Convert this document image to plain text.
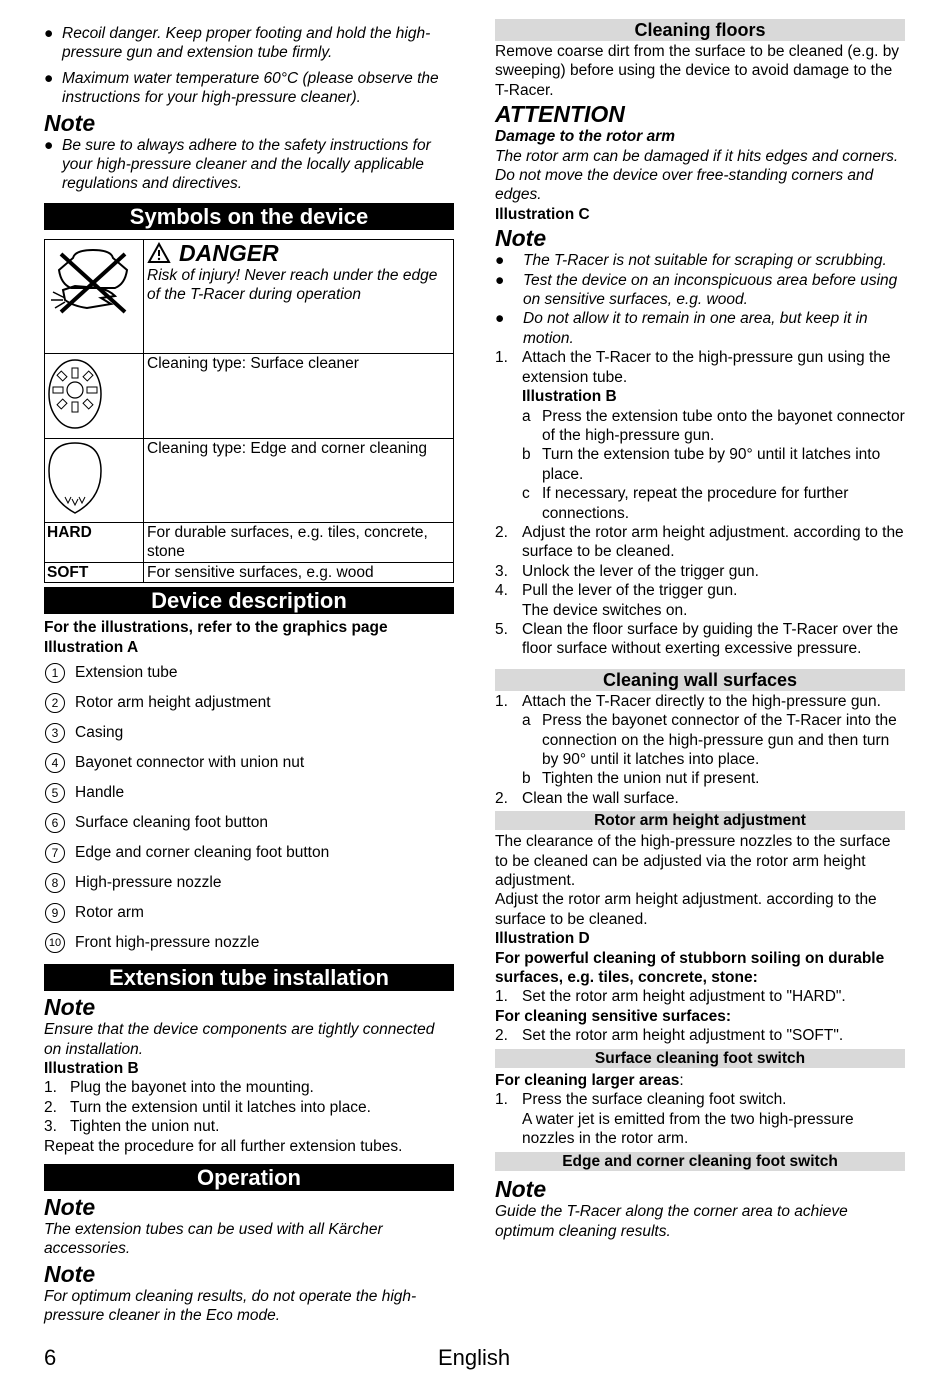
● Recoil danger. Keep proper footing and hold the high-pressure gun and extension tube firmly.
● Maximum water temperature 60°C (please observe the instructions for your high-pressure cleaner).
Note
● Be sure to always adhere to the safety instructions for your high-pressure cleaner and the locally applicable regulations and directives.
Symbols on the device

DANGER
Risk of injury! Never reach under the edge of the T-Racer during operation

	Cleaning type: Surface cleaner
	Cleaning type: Edge and corner cleaning
HARD	For durable surfaces, e.g. tiles, concrete, stone
SOFT	For sensitive surfaces, e.g. wood
Device description

For the illustrations, refer to the graphics page

Illustration A

1	Extension tube
2	Rotor arm height adjustment
3	Casing
4	Bayonet connector with union nut
5	Handle
6	Surface cleaning foot button
7	Edge and corner cleaning foot button
8	High-pressure nozzle
9	Rotor arm
10 Front high-pressure nozzle
Extension tube installation
Note

Ensure that the device components are tightly connected on installation.

Illustration B

1. Plug the bayonet into the mounting.
2. Turn the extension until it latches into place.
3. Tighten the union nut.

Repeat the procedure for all further extension tubes.

Operation
Note

The extension tubes can be used with all Kärcher accessories.

Note

For optimum cleaning results, do not operate the high-pressure cleaner in the Eco mode.

Cleaning floors

Remove coarse dirt from the surface to be cleaned (e.g. by sweeping) before using the device to avoid damage to the T-Racer.

ATTENTION

Damage to the rotor arm

The rotor arm can be damaged if it hits edges and corners.

Do not move the device over free-standing corners and edges.

Illustration C

Note
●	The T-Racer is not suitable for scraping or scrubbing.
●	Test the device on an inconspicuous area before using on sensitive surfaces, e.g. wood.
●	Do not allow it to remain in one area, but keep it in motion.
1. Attach the T-Racer to the high-pressure gun using the extension tube.

Illustration B

a Press the extension tube onto the bayonet connector of the high-pressure gun.
b Turn the extension tube by 90° until it latches into place.
c If necessary, repeat the procedure for further connections.
2. Adjust the rotor arm height adjustment. according to the surface to be cleaned.
3. Unlock the lever of the trigger gun.
4. Pull the lever of the trigger gun.

The device switches on.

5. Clean the floor surface by guiding the T-Racer over the floor surface without exerting excessive pressure.
Cleaning wall surfaces
1. Attach the T-Racer directly to the high-pressure gun.
a Press the bayonet connector of the T-Racer into the connection on the high-pressure gun and then turn by 90° until it latches into place.
b Tighten the union nut if present.
2. Clean the wall surface.
Rotor arm height adjustment

The clearance of the high-pressure nozzles to the surface to be cleaned can be adjusted via the rotor arm height adjustment.

Adjust the rotor arm height adjustment. according to the surface to be cleaned.

Illustration D

For powerful cleaning of stubborn soiling on durable surfaces, e.g. tiles, concrete, stone:

1. Set the rotor arm height adjustment to "HARD".

For cleaning sensitive surfaces:

2. Set the rotor arm height adjustment to "SOFT".
Surface cleaning foot switch

For cleaning larger areas:

1. Press the surface cleaning foot switch.

A water jet is emitted from the two high-pressure nozzles in the rotor arm.

Edge and corner cleaning foot switch
Note

Guide the T-Racer along the corner area to achieve optimum cleaning results.

6	English
